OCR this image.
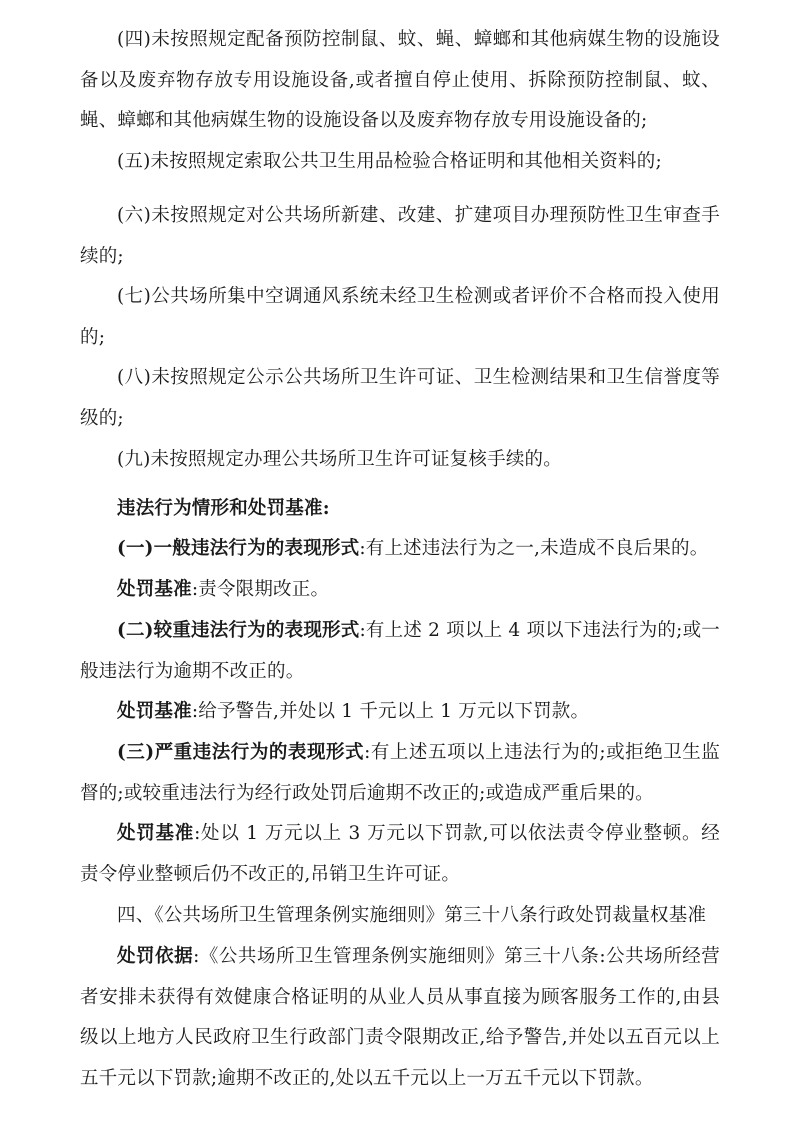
(四)未按照规定配备预防控制鼠、蚊、蝇、蟑螂和其他病媒生物的设施设备以及废弃物存放专用设施设备,或者擅自停止使用、拆除预防控制鼠、蚊、蝇、蟑螂和其他病媒生物的设施设备以及废弃物存放专用设施设备的;

(五)未按照规定索取公共卫生用品检验合格证明和其他相关资料的;

(六)未按照规定对公共场所新建、改建、扩建项目办理预防性卫生审查手续的;

(七)公共场所集中空调通风系统未经卫生检测或者评价不合格而投入使用的;

(八)未按照规定公示公共场所卫生许可证、卫生检测结果和卫生信誉度等级的;

(九)未按照规定办理公共场所卫生许可证复核手续的。

违法行为情形和处罚基准:

(一)一般违法行为的表现形式:有上述违法行为之一,未造成不良后果的。

处罚基准:责令限期改正。

(二)较重违法行为的表现形式:有上述 2 项以上 4 项以下违法行为的;或一般违法行为逾期不改正的。

处罚基准:给予警告,并处以 1 千元以上 1 万元以下罚款。

(三)严重违法行为的表现形式:有上述五项以上违法行为的;或拒绝卫生监督的;或较重违法行为经行政处罚后逾期不改正的;或造成严重后果的。

处罚基准:处以 1 万元以上 3 万元以下罚款,可以依法责令停业整顿。经责令停业整顿后仍不改正的,吊销卫生许可证。

四、《公共场所卫生管理条例实施细则》第三十八条行政处罚裁量权基准

处罚依据:《公共场所卫生管理条例实施细则》第三十八条:公共场所经营者安排未获得有效健康合格证明的从业人员从事直接为顾客服务工作的,由县级以上地方人民政府卫生行政部门责令限期改正,给予警告,并处以五百元以上五千元以下罚款;逾期不改正的,处以五千元以上一万五千元以下罚款。
